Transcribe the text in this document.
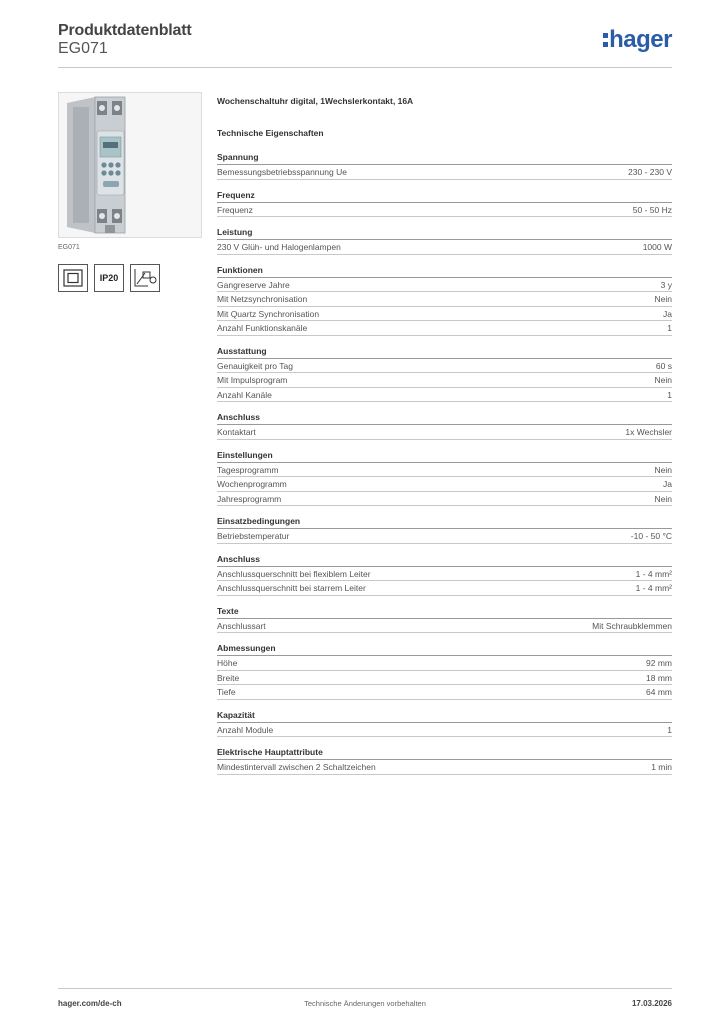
Produktdatenblatt
EG071	hager
EG071
IP20
Wochenschaltuhr digital, 1Wechslerkontakt, 16A
Technische Eigenschaften
Spannung
Bemessungsbetriebsspannung Ue	230 - 230 V
Frequenz
Frequenz	50 - 50 Hz
Leistung
230 V Glüh- und Halogenlampen	1000 W
Funktionen
Gangreserve Jahre	3 y
Mit Netzsynchronisation	Nein
Mit Quartz Synchronisation	Ja
Anzahl Funktionskanäle	1
Ausstattung
Genauigkeit pro Tag	60 s
Mit Impulsprogram	Nein
Anzahl Kanäle	1
Anschluss
Kontaktart	1x Wechsler
Einstellungen
Tagesprogramm	Nein
Wochenprogramm	Ja
Jahresprogramm	Nein
Einsatzbedingungen
Betriebstemperatur	-10 - 50 °C
Anschluss
Anschlussquerschnitt bei flexiblem Leiter	1 - 4 mm²
Anschlussquerschnitt bei starrem Leiter	1 - 4 mm²
Texte
Anschlussart	Mit Schraubklemmen
Abmessungen
Höhe	92 mm
Breite	18 mm
Tiefe	64 mm
Kapazität
Anzahl Module	1
Elektrische Hauptattribute
Mindestintervall zwischen 2 Schaltzeichen	1 min
Technische Änderungen vorbehalten
hager.com/de-ch	17.03.2026
